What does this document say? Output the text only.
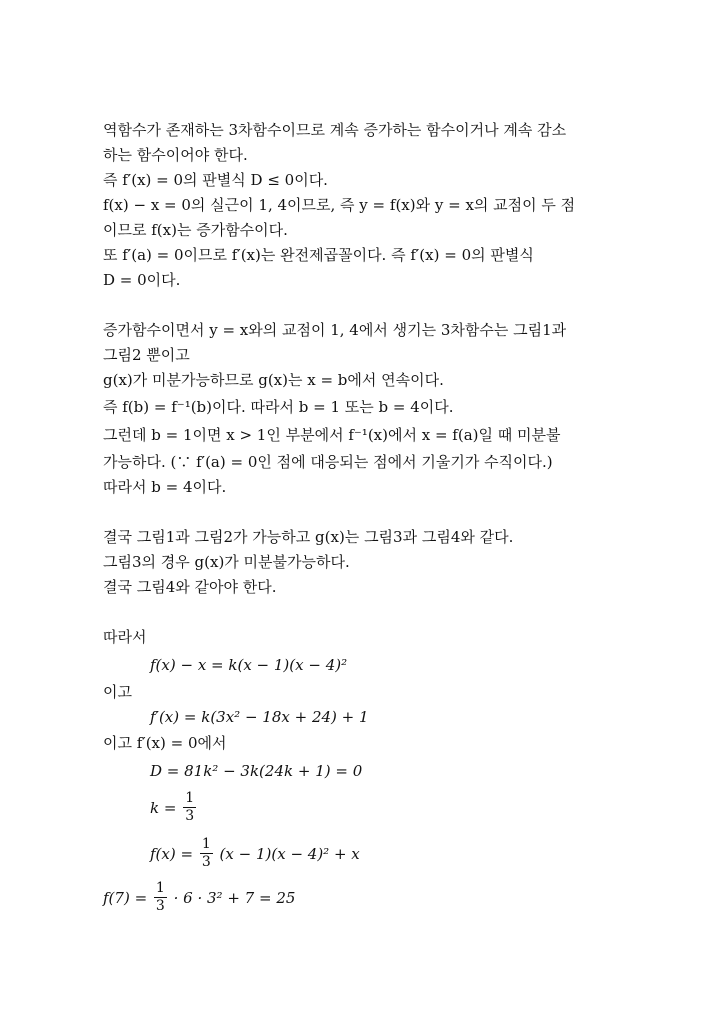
역함수가 존재하는 3차함수이므로 계속 증가하는 함수이거나 계속 감소
하는 함수이어야 한다.
즉 f′(x) = 0의 판별식 D ≤ 0이다.
f(x) − x = 0의 실근이 1, 4이므로, 즉 y = f(x)와 y = x의 교점이 두 점
이므로 f(x)는 증가함수이다.
또 f′(a) = 0이므로 f′(x)는 완전제곱꼴이다. 즉 f′(x) = 0의 판별식
D = 0이다.
증가함수이면서 y = x와의 교점이 1, 4에서 생기는 3차함수는 그림1과
그림2 뿐이고
g(x)가 미분가능하므로 g(x)는 x = b에서 연속이다.
즉 f(b) = f⁻¹(b)이다. 따라서 b = 1 또는 b = 4이다.
그런데 b = 1이면 x > 1인 부분에서 f⁻¹(x)에서 x = f(a)일 때 미분불
가능하다. (∵ f′(a) = 0인 점에 대응되는 점에서 기울기가 수직이다.)
따라서 b = 4이다.
결국 그림1과 그림2가 가능하고 g(x)는 그림3과 그림4와 같다.
그림3의 경우 g(x)가 미분불가능하다.
결국 그림4와 같아야 한다.
따라서
f(x) − x = k(x − 1)(x − 4)²
이고
f′(x) = k(3x² − 18x + 24) + 1
이고 f′(x) = 0에서
D = 81k² − 3k(24k + 1) = 0
$k = \frac{1}{3}$
$f(x) = \frac{1}{3} (x - 1)(x - 4)^2 + x$
$f(7) = \frac{1}{3} \cdot 6 \cdot 3^2 + 7 = 25$
